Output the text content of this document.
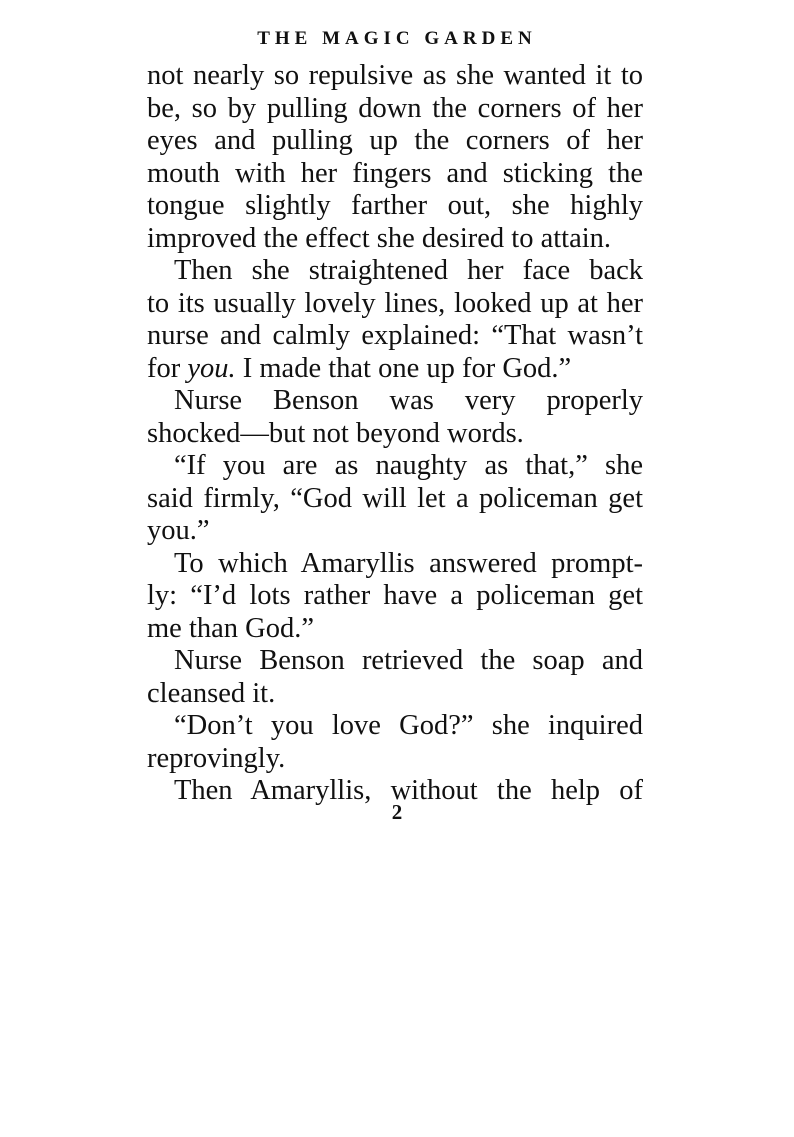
THE MAGIC GARDEN
not nearly so repulsive as she wanted it to
be, so by pulling down the corners of her
eyes and pulling up the corners of her
mouth with her fingers and sticking the
tongue slightly farther out, she highly
improved the effect she desired to attain.
Then she straightened her face back
to its usually lovely lines, looked up at her
nurse and calmly explained: “That wasn’t
for you. I made that one up for God.”
Nurse Benson was very properly
shocked—but not beyond words.
“If you are as naughty as that,” she
said firmly, “God will let a policeman get
you.”
To which Amaryllis answered prompt-
ly: “I’d lots rather have a policeman get
me than God.”
Nurse Benson retrieved the soap and
cleansed it.
“Don’t you love God?” she inquired
reprovingly.
Then Amaryllis, without the help of
2
